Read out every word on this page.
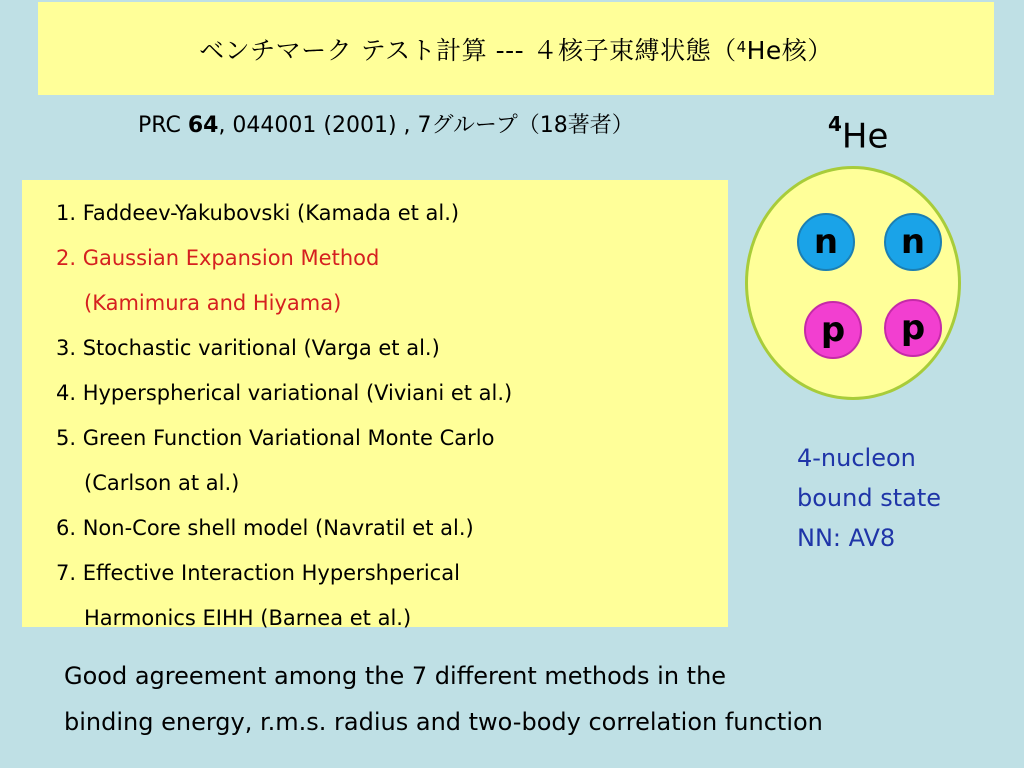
ベンチマーク テスト計算 --- ４核子束縛状態（$^4$ He核）
PRC 64, 044001 (2001) , 7グループ（18著者）
1. Faddeev-Yakubovski (Kamada et al.)
2. Gaussian Expansion Method
(Kamimura and Hiyama)
3. Stochastic varitional (Varga et al.)
4. Hyperspherical variational (Viviani et al.)
5. Green Function Variational Monte Carlo
(Carlson at al.)
6. Non-Core shell model (Navratil et al.)
7. Effective Interaction Hypershperical
Harmonics EIHH (Barnea et al.)
$^4$He
n	n
p	p
4-nucleon
bound state
NN: AV8
Good agreement among the 7 different methods in the
binding energy, r.m.s. radius and two-body correlation function
